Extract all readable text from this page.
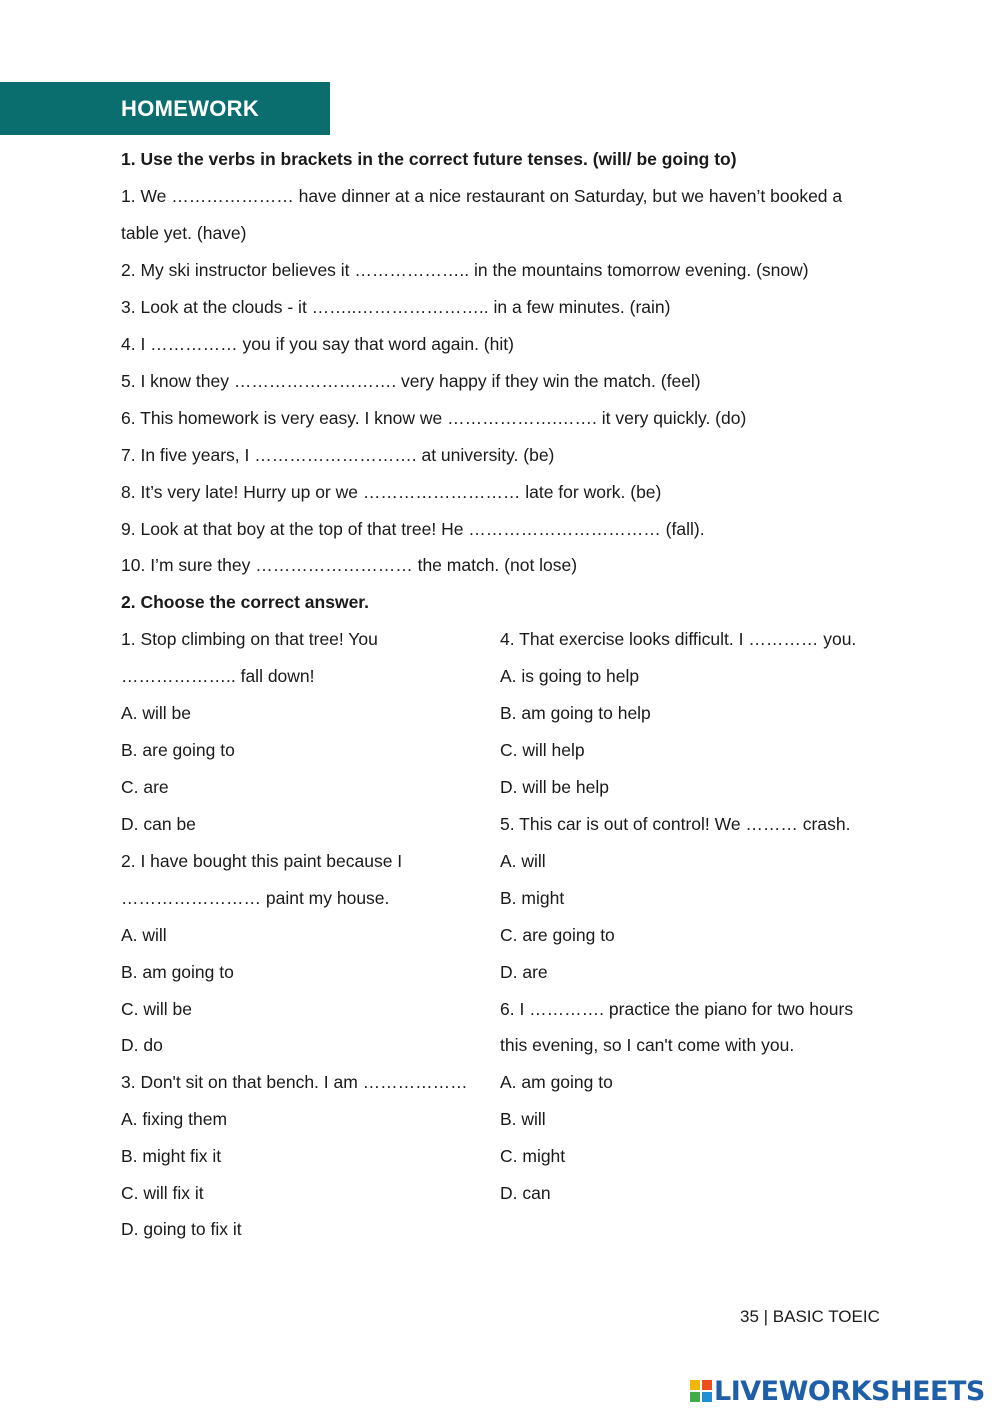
HOMEWORK
1. Use the verbs in brackets in the correct future tenses. (will/ be going to)
1. We ………………… have dinner at a nice restaurant on Saturday, but we haven’t booked a
table yet. (have)
2. My ski instructor believes it ……………….. in the mountains tomorrow evening. (snow)
3. Look at the clouds - it ……..………………….. in a few minutes. (rain)
4. I …………… you if you say that word again. (hit)
5. I know they ………………………. very happy if they win the match. (feel)
6. This homework is very easy. I know we ……………….……. it very quickly. (do)
7. In five years, I ………………………. at university. (be)
8. It’s very late! Hurry up or we ……………………… late for work. (be)
9. Look at that boy at the top of that tree! He …………………………… (fall).
10. I’m sure they ……………………… the match. (not lose)
2. Choose the correct answer.
1. Stop climbing on that tree! You
……………….. fall down!
A. will be
B. are going to
C. are
D. can be
2. I have bought this paint because I
…………………… paint my house.
A. will
B. am going to
C. will be
D. do
3. Don't sit on that bench. I am ………………
A. fixing them
B. might fix it
C. will fix it
D. going to fix it
4. That exercise looks difficult. I ………… you.
A. is going to help
B. am going to help
C. will help
D. will be help
5. This car is out of control! We ……… crash.
A. will
B. might
C. are going to
D. are
6. I …………. practice the piano for two hours
this evening, so I can't come with you.
A. am going to
B. will
C. might
D. can
35 | BASIC TOEIC
LIVEWORKSHEETS
